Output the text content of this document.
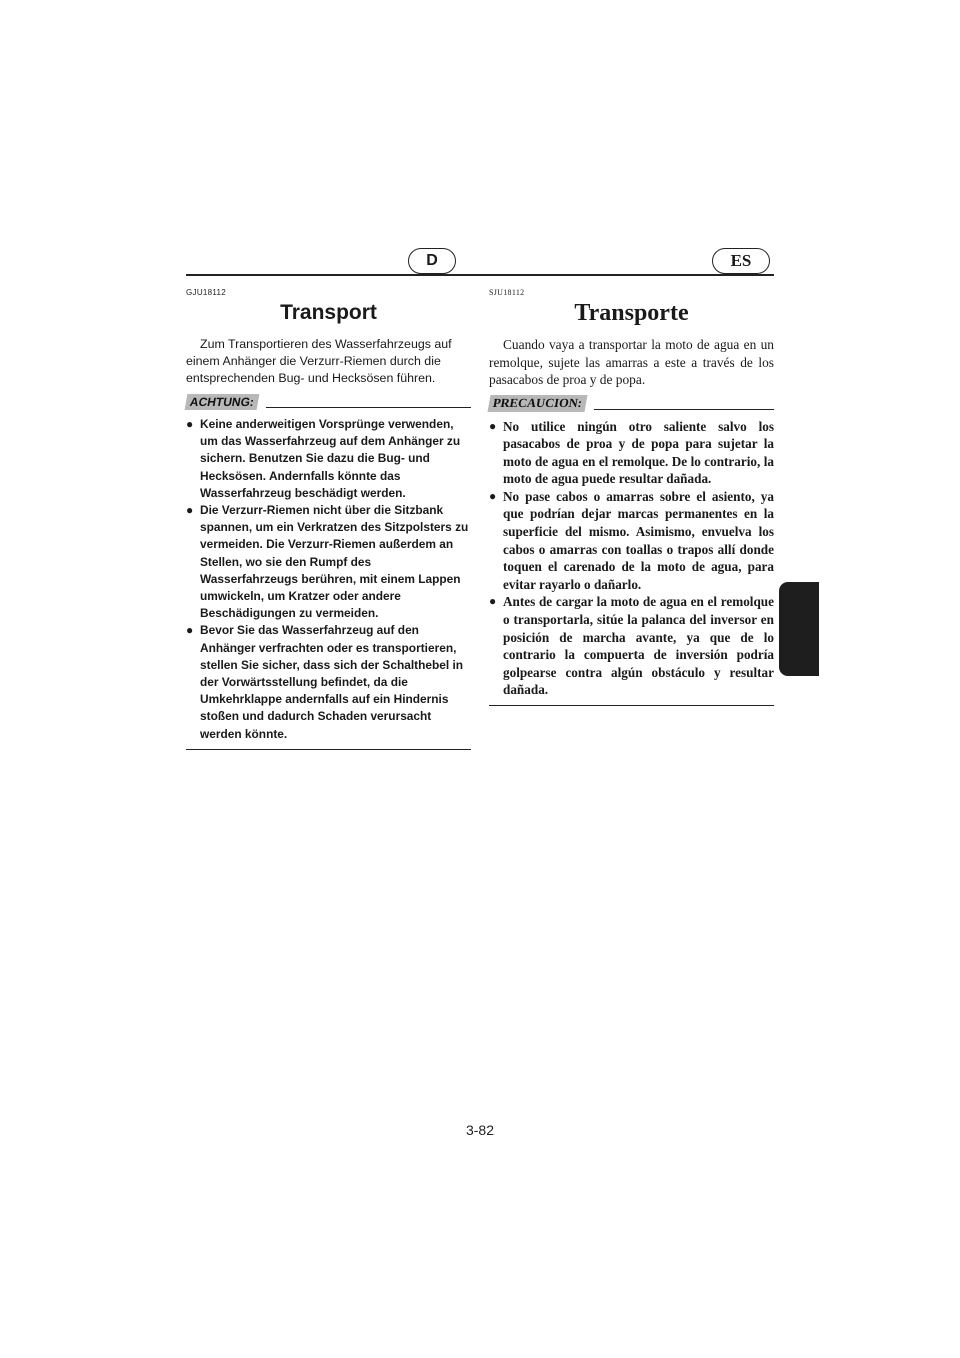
D	ES
GJU18112
Transport

Zum Transportieren des Wasserfahrzeugs auf einem Anhänger die Verzurr-Riemen durch die entsprechenden Bug- und Hecksösen führen.

ACHTUNG:
● Keine anderweitigen Vorsprünge verwenden, um das Wasserfahrzeug auf dem Anhänger zu sichern. Benutzen Sie dazu die Bug- und Hecksösen. Andernfalls könnte das Wasserfahrzeug beschädigt werden.
● Die Verzurr-Riemen nicht über die Sitzbank spannen, um ein Verkratzen des Sitzpolsters zu vermeiden. Die Verzurr-Riemen außerdem an Stellen, wo sie den Rumpf des Wasserfahrzeugs berühren, mit einem Lappen umwickeln, um Kratzer oder andere Beschädigungen zu vermeiden.
● Bevor Sie das Wasserfahrzeug auf den Anhänger verfrachten oder es transportieren, stellen Sie sicher, dass sich der Schalthebel in der Vorwärtsstellung befindet, da die Umkehrklappe andernfalls auf ein Hindernis stoßen und dadurch Schaden verursacht werden könnte.
SJU18112
Transporte

Cuando vaya a transportar la moto de agua en un remolque, sujete las amarras a este a través de los pasacabos de proa y de popa.

PRECAUCION:
● No utilice ningún otro saliente salvo los pasacabos de proa y de popa para sujetar la moto de agua en el remolque. De lo contrario, la moto de agua puede resultar dañada.
● No pase cabos o amarras sobre el asiento, ya que podrían dejar marcas permanentes en la superficie del mismo. Asimismo, envuelva los cabos o amarras con toallas o trapos allí donde toquen el carenado de la moto de agua, para evitar rayarlo o dañarlo.
● Antes de cargar la moto de agua en el remolque o transportarla, sitúe la palanca del inversor en posición de marcha avante, ya que de lo contrario la compuerta de inversión podría golpearse contra algún obstáculo y resultar dañada.
3-82
